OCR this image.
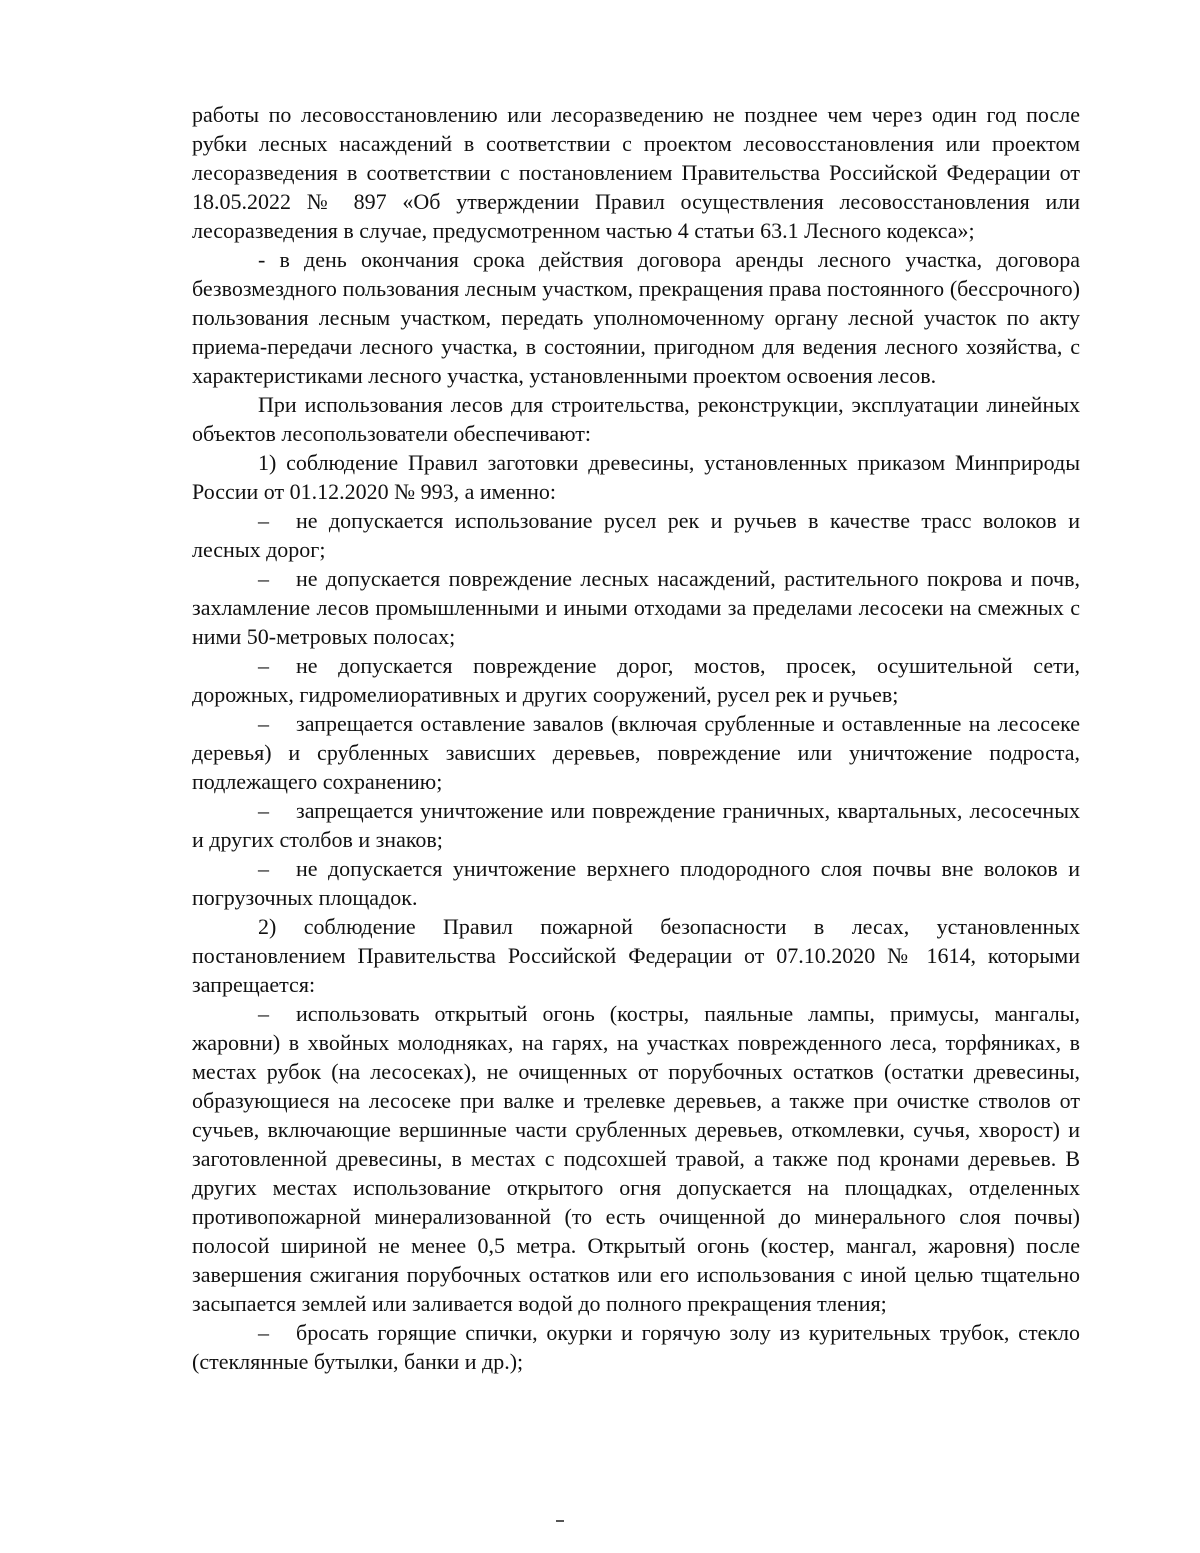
работы по лесовосстановлению или лесоразведению не позднее чем через один год после рубки лесных насаждений в соответствии с проектом лесовосстановления или проектом лесоразведения в соответствии с постановлением Правительства Российской Федерации от 18.05.2022 № 897 «Об утверждении Правил осуществления лесовосстановления или лесоразведения в случае, предусмотренном частью 4 статьи 63.1 Лесного кодекса»;

- в день окончания срока действия договора аренды лесного участка, договора безвозмездного пользования лесным участком, прекращения права постоянного (бессрочного) пользования лесным участком, передать уполномоченному органу лесной участок по акту приема-передачи лесного участка, в состоянии, пригодном для ведения лесного хозяйства, с характеристиками лесного участка, установленными проектом освоения лесов.

При использования лесов для строительства, реконструкции, эксплуатации линейных объектов лесопользователи обеспечивают:

1) соблюдение Правил заготовки древесины, установленных приказом Минприроды России от 01.12.2020 № 993, а именно:

– не допускается использование русел рек и ручьев в качестве трасс волоков и лесных дорог;

– не допускается повреждение лесных насаждений, растительного покрова и почв, захламление лесов промышленными и иными отходами за пределами лесосеки на смежных с ними 50-метровых полосах;

– не допускается повреждение дорог, мостов, просек, осушительной сети, дорожных, гидромелиоративных и других сооружений, русел рек и ручьев;

– запрещается оставление завалов (включая срубленные и оставленные на лесосеке деревья) и срубленных зависших деревьев, повреждение или уничтожение подроста, подлежащего сохранению;

– запрещается уничтожение или повреждение граничных, квартальных, лесосечных и других столбов и знаков;

– не допускается уничтожение верхнего плодородного слоя почвы вне волоков и погрузочных площадок.

2) соблюдение Правил пожарной безопасности в лесах, установленных постановлением Правительства Российской Федерации от 07.10.2020 № 1614, которыми запрещается:

– использовать открытый огонь (костры, паяльные лампы, примусы, мангалы, жаровни) в хвойных молодняках, на гарях, на участках поврежденного леса, торфяниках, в местах рубок (на лесосеках), не очищенных от порубочных остатков (остатки древесины, образующиеся на лесосеке при валке и трелевке деревьев, а также при очистке стволов от сучьев, включающие вершинные части срубленных деревьев, откомлевки, сучья, хворост) и заготовленной древесины, в местах с подсохшей травой, а также под кронами деревьев. В других местах использование открытого огня допускается на площадках, отделенных противопожарной минерализованной (то есть очищенной до минерального слоя почвы) полосой шириной не менее 0,5 метра. Открытый огонь (костер, мангал, жаровня) после завершения сжигания порубочных остатков или его использования с иной целью тщательно засыпается землей или заливается водой до полного прекращения тления;

– бросать горящие спички, окурки и горячую золу из курительных трубок, стекло (стеклянные бутылки, банки и др.);
